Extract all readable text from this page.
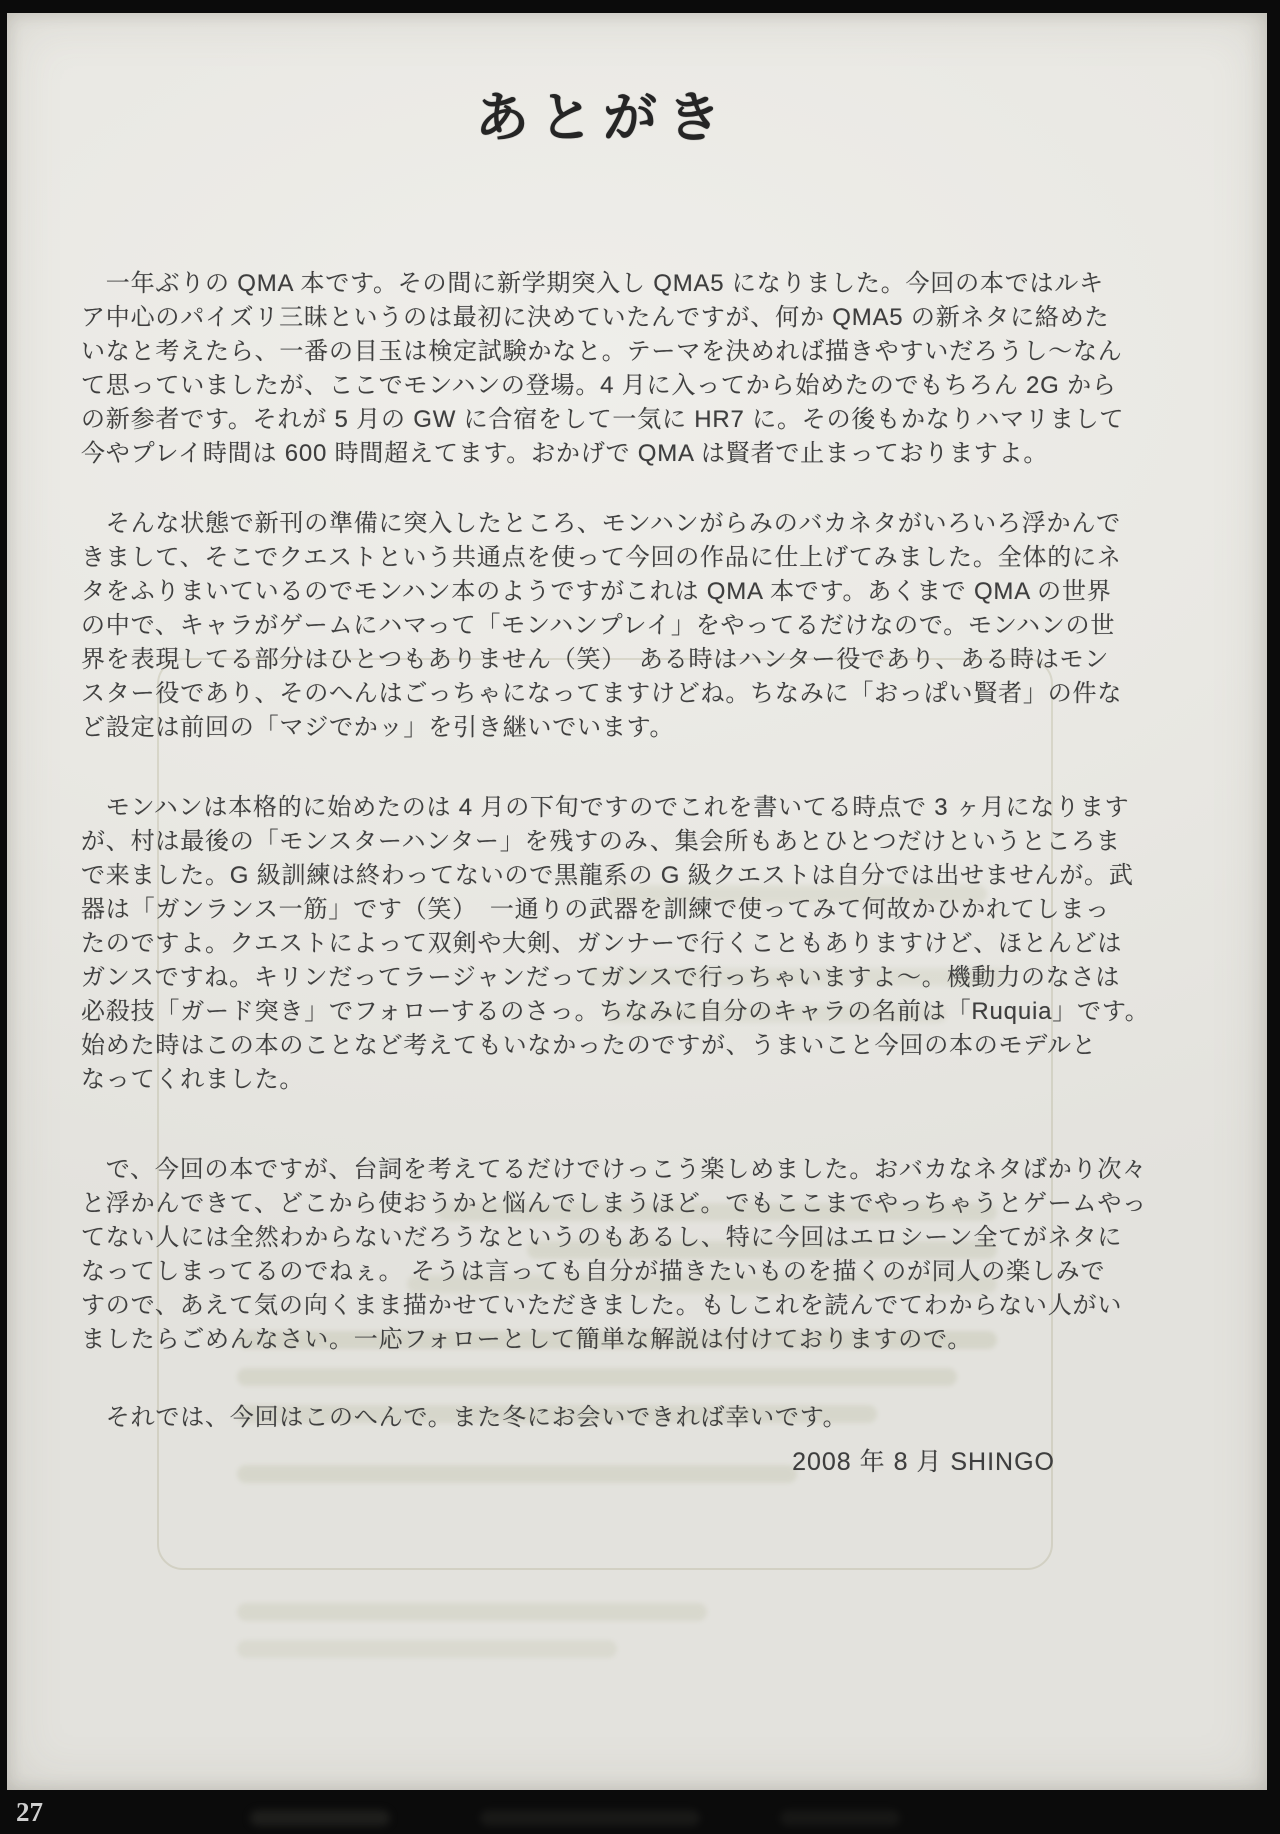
あとがき
　一年ぶりの QMA 本です。その間に新学期突入し QMA5 になりました。今回の本ではルキ
ア中心のパイズリ三昧というのは最初に決めていたんですが、何か QMA5 の新ネタに絡めた
いなと考えたら、一番の目玉は検定試験かなと。テーマを決めれば描きやすいだろうし〜なん
て思っていましたが、ここでモンハンの登場。4 月に入ってから始めたのでもちろん 2G から
の新参者です。それが 5 月の GW に合宿をして一気に HR7 に。その後もかなりハマリまして
今やプレイ時間は 600 時間超えてます。おかげで QMA は賢者で止まっておりますよ。
　そんな状態で新刊の準備に突入したところ、モンハンがらみのバカネタがいろいろ浮かんで
きまして、そこでクエストという共通点を使って今回の作品に仕上げてみました。全体的にネ
タをふりまいているのでモンハン本のようですがこれは QMA 本です。あくまで QMA の世界
の中で、キャラがゲームにハマって「モンハンプレイ」をやってるだけなので。モンハンの世
界を表現してる部分はひとつもありません（笑）　ある時はハンター役であり、ある時はモン
スター役であり、そのへんはごっちゃになってますけどね。ちなみに「おっぱい賢者」の件な
ど設定は前回の「マジでかッ」を引き継いでいます。
　モンハンは本格的に始めたのは 4 月の下旬ですのでこれを書いてる時点で 3 ヶ月になります
が、村は最後の「モンスターハンター」を残すのみ、集会所もあとひとつだけというところま
で来ました。G 級訓練は終わってないので黒龍系の G 級クエストは自分では出せませんが。武
器は「ガンランス一筋」です（笑）　一通りの武器を訓練で使ってみて何故かひかれてしまっ
たのですよ。クエストによって双剣や大剣、ガンナーで行くこともありますけど、ほとんどは
ガンスですね。キリンだってラージャンだってガンスで行っちゃいますよ〜。機動力のなさは
必殺技「ガード突き」でフォローするのさっ。ちなみに自分のキャラの名前は「Ruquia」です。
始めた時はこの本のことなど考えてもいなかったのですが、うまいこと今回の本のモデルと
なってくれました。
　で、今回の本ですが、台詞を考えてるだけでけっこう楽しめました。おバカなネタばかり次々
と浮かんできて、どこから使おうかと悩んでしまうほど。でもここまでやっちゃうとゲームやっ
てない人には全然わからないだろうなというのもあるし、特に今回はエロシーン全てがネタに
なってしまってるのでねぇ。 そうは言っても自分が描きたいものを描くのが同人の楽しみで
すので、あえて気の向くまま描かせていただきました。もしこれを読んでてわからない人がい
ましたらごめんなさい。一応フォローとして簡単な解説は付けておりますので。
　それでは、今回はこのへんで。また冬にお会いできれば幸いです。
2008 年 8 月 SHINGO
27
